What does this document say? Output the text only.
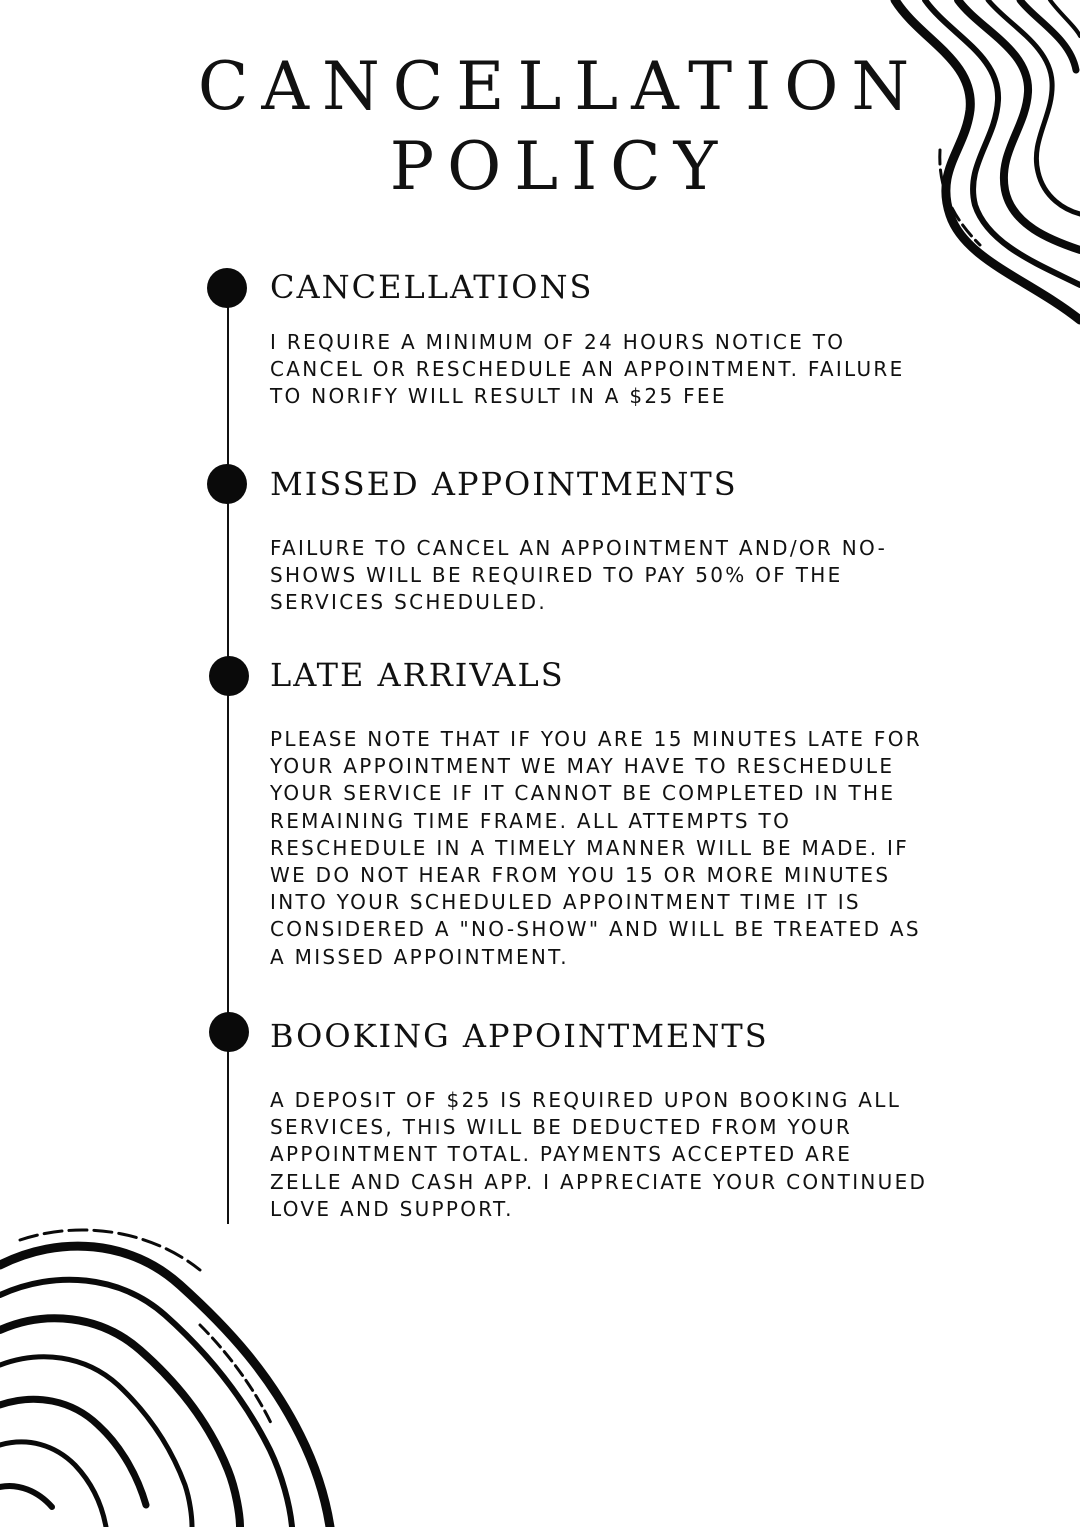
CANCELLATION
POLICY
CANCELLATIONS

I REQUIRE A MINIMUM OF 24 HOURS NOTICE TO CANCEL OR RESCHEDULE AN APPOINTMENT. FAILURE TO NORIFY WILL RESULT IN A $25 FEE

MISSED APPOINTMENTS

FAILURE TO CANCEL AN APPOINTMENT AND/OR NO-SHOWS WILL BE REQUIRED TO PAY 50% OF THE SERVICES SCHEDULED.

LATE ARRIVALS

PLEASE NOTE THAT IF YOU ARE 15 MINUTES LATE FOR YOUR APPOINTMENT WE MAY HAVE TO RESCHEDULE YOUR SERVICE IF IT CANNOT BE COMPLETED IN THE REMAINING TIME FRAME. ALL ATTEMPTS TO RESCHEDULE IN A TIMELY MANNER WILL BE MADE. IF WE DO NOT HEAR FROM YOU 15 OR MORE MINUTES INTO YOUR SCHEDULED APPOINTMENT TIME IT IS CONSIDERED A "NO-SHOW" AND WILL BE TREATED AS A MISSED APPOINTMENT.

BOOKING APPOINTMENTS

A DEPOSIT OF $25 IS REQUIRED UPON BOOKING ALL SERVICES, THIS WILL BE DEDUCTED FROM YOUR APPOINTMENT TOTAL. PAYMENTS ACCEPTED ARE ZELLE AND CASH APP. I APPRECIATE YOUR CONTINUED LOVE AND SUPPORT.
